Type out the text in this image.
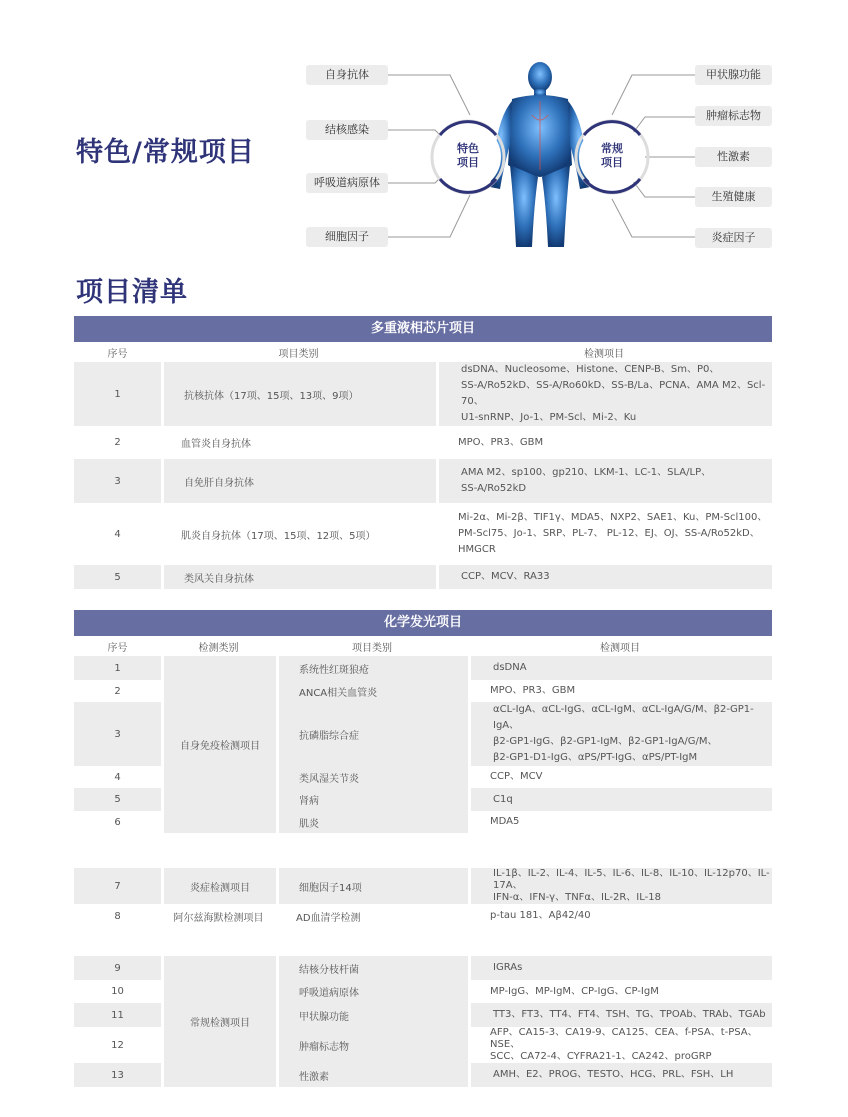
特色/常规项目
项目清单
特色
项目
常规
项目
自身抗体
结核感染
呼吸道病原体
细胞因子
甲状腺功能
肿瘤标志物
性激素
生殖健康
炎症因子
多重液相芯片项目
序号	项目类别	检测项目
1	抗核抗体（17项、15项、13项、9项）	dsDNA、Nucleosome、Histone、CENP-B、Sm、P0、
SS-A/Ro52kD、SS-A/Ro60kD、SS-B/La、PCNA、AMA M2、Scl-70、
U1-snRNP、Jo-1、PM-Scl、Mi-2、Ku

2	血管炎自身抗体	MPO、PR3、GBM

3	自免肝自身抗体	AMA M2、sp100、gp210、LKM-1、LC-1、SLA/LP、
SS-A/Ro52kD

4	肌炎自身抗体（17项、15项、12项、5项）	Mi-2α、Mi-2β、TIF1γ、MDA5、NXP2、SAE1、Ku、PM-Scl100、
PM-Scl75、Jo-1、SRP、PL-7、 PL-12、EJ、OJ、SS-A/Ro52kD、
HMGCR

5	类风关自身抗体	CCP、MCV、RA33
化学发光项目
序号	检测类别	项目类别	检测项目
1	自身免疫检测项目	系统性红斑狼疮	dsDNA

2		ANCA相关血管炎	MPO、PR3、GBM

3		抗磷脂综合症	αCL-IgA、αCL-IgG、αCL-IgM、αCL-IgA/G/M、β2-GP1-IgA、
β2-GP1-IgG、β2-GP1-IgM、β2-GP1-IgA/G/M、
β2-GP1-D1-IgG、αPS/PT-IgG、αPS/PT-IgM

4		类风湿关节炎	CCP、MCV

5		肾病	C1q

6		肌炎	MDA5
7	炎症检测项目	细胞因子14项	IL-1β、IL-2、IL-4、IL-5、IL-6、IL-8、IL-10、IL-12p70、IL-17A、
IFN-α、IFN-γ、TNFα、IL-2R、IL-18

8	阿尔兹海默检测项目	AD血清学检测	p-tau 181、Aβ42/40
9	常规检测项目	结核分枝杆菌	IGRAs

10		呼吸道病原体	MP-IgG、MP-IgM、CP-IgG、CP-IgM

11		甲状腺功能	TT3、FT3、TT4、FT4、TSH、TG、TPOAb、TRAb、TGAb

12		肿瘤标志物	AFP、CA15-3、CA19-9、CA125、CEA、f-PSA、t-PSA、NSE、
SCC、CA72-4、CYFRA21-1、CA242、proGRP

13		性激素	AMH、E2、PROG、TESTO、HCG、PRL、FSH、LH
